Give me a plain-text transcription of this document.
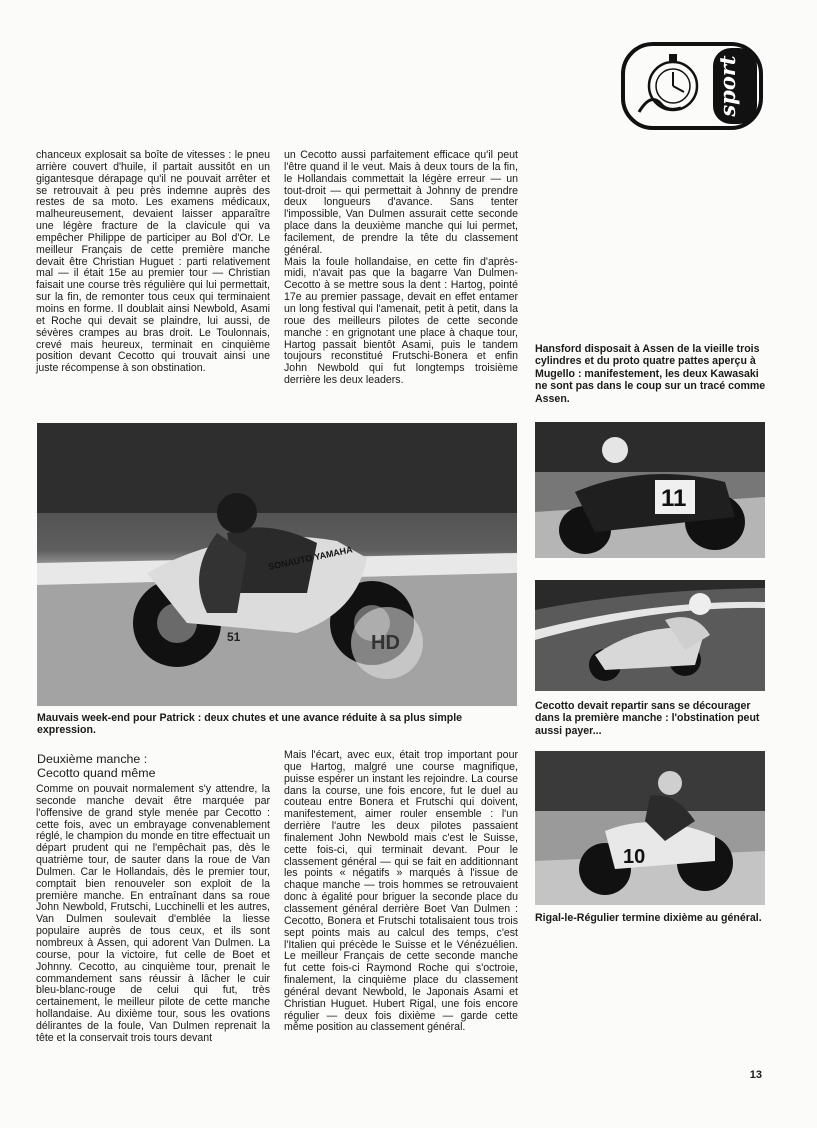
sport
chanceux explosait sa boîte de vitesses : le pneu arrière couvert d'huile, il partait aussitôt en un gigantesque dérapage qu'il ne pouvait arrêter et se retrouvait à peu près indemne auprès des restes de sa moto. Les examens médicaux, malheureusement, devaient laisser apparaître une légère fracture de la clavicule qui va empêcher Philippe de participer au Bol d'Or. Le meilleur Français de cette première manche devait être Christian Huguet : parti relativement mal — il était 15e au premier tour — Christian faisait une course très régulière qui lui permettait, sur la fin, de remonter tous ceux qui terminaient moins en forme. Il doublait ainsi Newbold, Asami et Roche qui devait se plaindre, lui aussi, de sévères crampes au bras droit. Le Toulonnais, crevé mais heureux, terminait en cinquième position devant Cecotto qui trouvait ainsi une juste récompense à son obstination.
un Cecotto aussi parfaitement efficace qu'il peut l'être quand il le veut. Mais à deux tours de la fin, le Hollandais commettait la légère erreur — un tout-droit — qui permettait à Johnny de prendre deux longueurs d'avance. Sans tenter l'impossible, Van Dulmen assurait cette seconde place dans la deuxième manche qui lui permet, facilement, de prendre la tête du classement général.
Mais la foule hollandaise, en cette fin d'après-midi, n'avait pas que la bagarre Van Dulmen-Cecotto à se mettre sous la dent : Hartog, pointé 17e au premier passage, devait en effet entamer un long festival qui l'amenait, petit à petit, dans la roue des meilleurs pilotes de cette seconde manche : en grignotant une place à chaque tour, Hartog passait bientôt Asami, puis le tandem toujours reconstitué Frutschi-Bonera et enfin John Newbold qui fut longtemps troisième derrière les deux leaders.
Hansford disposait à Assen de la vieille trois cylindres et du proto quatre pattes aperçu à Mugello : manifestement, les deux Kawasaki ne sont pas dans le coup sur un tracé comme Assen.
SONAUTO YAMAHA
51	HD
11
Mauvais week-end pour Patrick : deux chutes et une avance réduite à sa plus simple expression.
Cecotto devait repartir sans se décourager dans la première manche : l'obstination peut aussi payer...
10
Rigal-le-Régulier termine dixième au général.
Deuxième manche :
Cecotto quand même
Comme on pouvait normalement s'y attendre, la seconde manche devait être marquée par l'offensive de grand style menée par Cecotto : cette fois, avec un embrayage convenablement réglé, le champion du monde en titre effectuait un départ prudent qui ne l'empêchait pas, dès le quatrième tour, de sauter dans la roue de Van Dulmen. Car le Hollandais, dès le premier tour, comptait bien renouveler son exploit de la première manche. En entraînant dans sa roue John Newbold, Frutschi, Lucchinelli et les autres, Van Dulmen soulevait d'emblée la liesse populaire auprès de tous ceux, et ils sont nombreux à Assen, qui adorent Van Dulmen. La course, pour la victoire, fut celle de Boet et Johnny. Cecotto, au cinquième tour, prenait le commandement sans réussir à lâcher le cuir bleu-blanc-rouge de celui qui fut, très certainement, le meilleur pilote de cette manche hollandaise. Au dixième tour, sous les ovations délirantes de la foule, Van Dulmen reprenait la tête et la conservait trois tours devant
Mais l'écart, avec eux, était trop important pour que Hartog, malgré une course magnifique, puisse espérer un instant les rejoindre. La course dans la course, une fois encore, fut le duel au couteau entre Bonera et Frutschi qui doivent, manifestement, aimer rouler ensemble : l'un derrière l'autre les deux pilotes passaient finalement John Newbold mais c'est le Suisse, cette fois-ci, qui terminait devant. Pour le classement général — qui se fait en additionnant les points « négatifs » marqués à l'issue de chaque manche — trois hommes se retrouvaient donc à égalité pour briguer la seconde place du classement général derrière Boet Van Dulmen : Cecotto, Bonera et Frutschi totalisaient tous trois sept points mais au calcul des temps, c'est l'Italien qui précède le Suisse et le Vénézuélien. Le meilleur Français de cette seconde manche fut cette fois-ci Raymond Roche qui s'octroie, finalement, la cinquième place du classement général devant Newbold, le Japonais Asami et Christian Huguet. Hubert Rigal, une fois encore régulier — deux fois dixième — garde cette même position au classement général.
13
